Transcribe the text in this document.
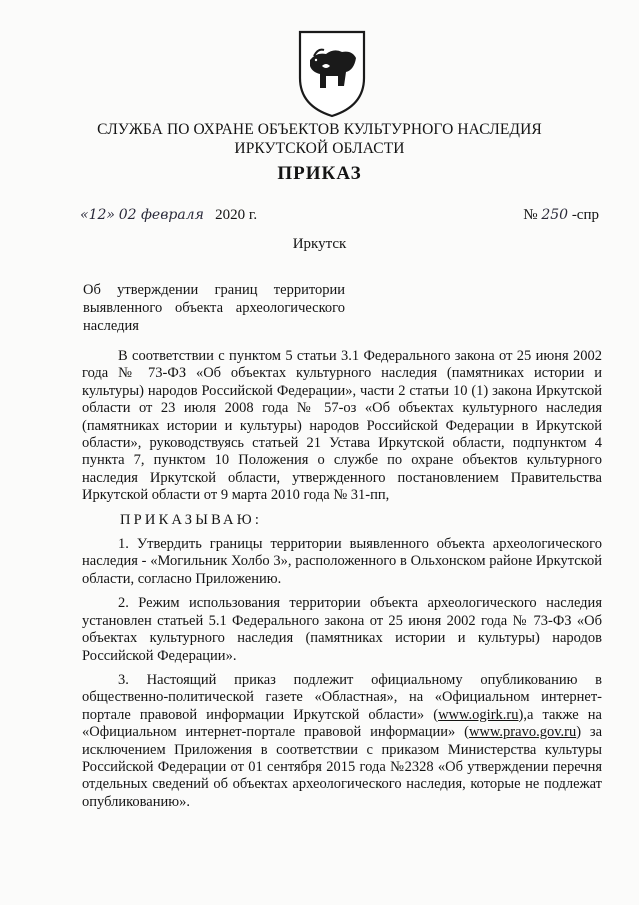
СЛУЖБА ПО ОХРАНЕ ОБЪЕКТОВ КУЛЬТУРНОГО НАСЛЕДИЯ
ИРКУТСКОЙ ОБЛАСТИ
ПРИКАЗ
«12» 02 февраля 2020 г.	№ 250 -спр
Иркутск
Об утверждении границ территории выявленного объекта археологического наследия

В соответствии с пунктом 5 статьи 3.1 Федерального закона от 25 июня 2002 года № 73-ФЗ «Об объектах культурного наследия (памятниках истории и культуры) народов Российской Федерации», части 2 статьи 10 (1) закона Иркутской области от 23 июля 2008 года № 57-оз «Об объектах культурного наследия (памятниках истории и культуры) народов Российской Федерации в Иркутской области», руководствуясь статьей 21 Устава Иркутской области, подпунктом 4 пункта 7, пунктом 10 Положения о службе по охране объектов культурного наследия Иркутской области, утвержденного постановлением Правительства Иркутской области от 9 марта 2010 года № 31-пп,

ПРИКАЗЫВАЮ:

1. Утвердить границы территории выявленного объекта археологического наследия - «Могильник Холбо 3», расположенного в Ольхонском районе Иркутской области, согласно Приложению.

2. Режим использования территории объекта археологического наследия установлен статьей 5.1 Федерального закона от 25 июня 2002 года № 73-ФЗ «Об объектах культурного наследия (памятниках истории и культуры) народов Российской Федерации».

3. Настоящий приказ подлежит официальному опубликованию в общественно-политической газете «Областная», на «Официальном интернет-портале правовой информации Иркутской области» (www.ogirk.ru),а также на «Официальном интернет-портале правовой информации» (www.pravo.gov.ru) за исключением Приложения в соответствии с приказом Министерства культуры Российской Федерации от 01 сентября 2015 года №2328 «Об утверждении перечня отдельных сведений об объектах археологического наследия, которые не подлежат опубликованию».
